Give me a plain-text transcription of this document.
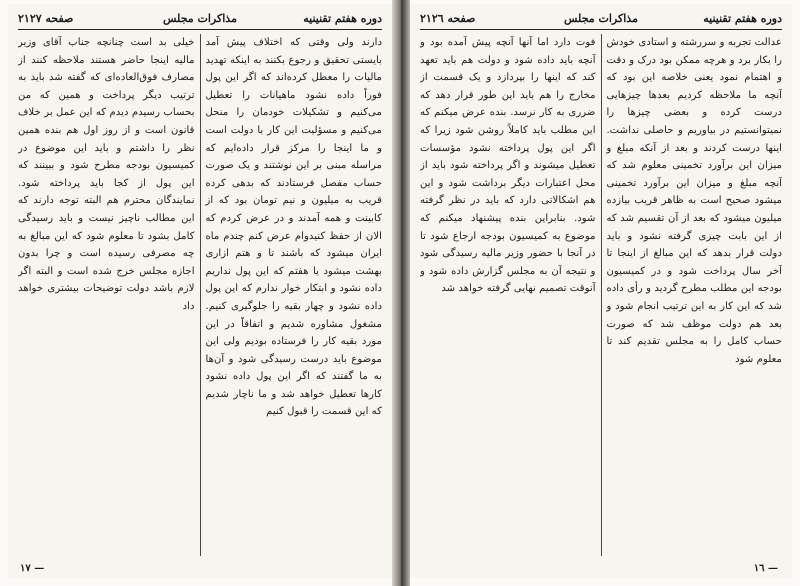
دوره هفتم تقنينيه
مذاكرات مجلس
صفحه ٢١٢٧
دارند ولی وقتی که اختلاف پیش آمد بایستی تحقیق و رجوع بکنند به اینکه تهدید مالیات را معطل کرده‌اند که اگر این پول فوراً داده نشود ماهیانات را تعطیل می‌کنیم و تشکیلات خودمان را منحل می‌کنیم و مسؤلیت این کار با دولت است و ما اینجا را مرکز قرار داده‌ایم که مراسله مبنی بر این نوشتند و یک صورت حساب مفصل فرستادند که بدهی کرده قریب به میلیون و نیم تومان بود که از کابینت و همه آمدند و در عرض کردم که الان از حفظ کنیدوام عرض کنم چندم ماه ایران میشود که باشند تا و هتم ازاری بهشت میشود یا هفتم که این پول نداریم داده نشود و ابتکار خوار ندارم که این پول داده نشود و چهار بقیه را جلوگیری کنیم. مشغول مشاوره شدیم و اتفاقاً در این مورد بقیه کار را فرستاده بودیم ولی این موضوع باید درست رسیدگی شود و آن‌ها به ما گفتند که اگر این پول داده نشود کارها تعطیل خواهد شد و ما ناچار شدیم که این قسمت را قبول کنیم
خیلی بد است چنانچه جناب آقای وزیر مالیه اینجا حاضر هستند ملاحظه کنند از مصارف فوق‌العاده‌ای که گفته شد باید به ترتیب دیگر پرداخت و همین که من بحساب رسیدم دیدم که این عمل بر خلاف قانون است و از روز اول هم بنده همین نظر را داشتم و باید این موضوع در کمیسیون بودجه مطرح شود و ببینند که این پول از کجا باید پرداخته شود. نمایندگان محترم هم البته توجه دارند که این مطالب ناچیز نیست و باید رسیدگی کامل بشود تا معلوم شود که این مبالغ به چه مصرفی رسیده است و چرا بدون اجازه مجلس خرج شده است و البته اگر لازم باشد دولت توضیحات بیشتری خواهد داد
— ١٧
دوره هفتم تقنينيه
مذاكرات مجلس
صفحه ٢١٢٦
عدالت تجربه و سررشته و استادی خودش را بکار برد و هرچه ممکن بود درک و دقت و اهتمام نمود یعنی خلاصه این بود که آنچه ما ملاحظه کردیم بعدها چیزهایی درست کرده و بعضی چیزها را نمیتوانستیم در بیاوریم و حاصلی نداشت. اینها درست کردند و بعد از آنکه مبلغ و میزان این برآورد تخمینی معلوم شد که آنچه مبلغ و میزان این برآورد تخمینی میشود صحیح است به ظاهر قریب بیازده میلیون میشود که بعد از آن تقسیم شد که از این بابت چیزی گرفته نشود و باید دولت قرار بدهد که این مبالغ از اینجا تا آخر سال پرداخت شود و در کمیسیون بودجه این مطلب مطرح گردید و رأی داده شد که این کار به این ترتیب انجام شود و بعد هم دولت موظف شد که صورت حساب کامل را به مجلس تقدیم کند تا معلوم شود
فوت دارد اما آنها آنچه پیش آمده بود و آنچه باید داده شود و دولت هم باید تعهد کند که اینها را بپردازد و یک قسمت از مخارج را هم باید این طور قرار دهد که ضرری به کار نرسد. بنده عرض میکنم که این مطلب باید کاملاً روشن شود زیرا که اگر این پول پرداخته نشود مؤسسات تعطیل میشوند و اگر پرداخته شود باید از محل اعتبارات دیگر برداشت شود و این هم اشکالاتی دارد که باید در نظر گرفته شود. بنابراین بنده پیشنهاد میکنم که موضوع به کمیسیون بودجه ارجاع شود تا در آنجا با حضور وزیر مالیه رسیدگی شود و نتیجه آن به مجلس گزارش داده شود و آنوقت تصمیم نهایی گرفته خواهد شد
— ١٦
